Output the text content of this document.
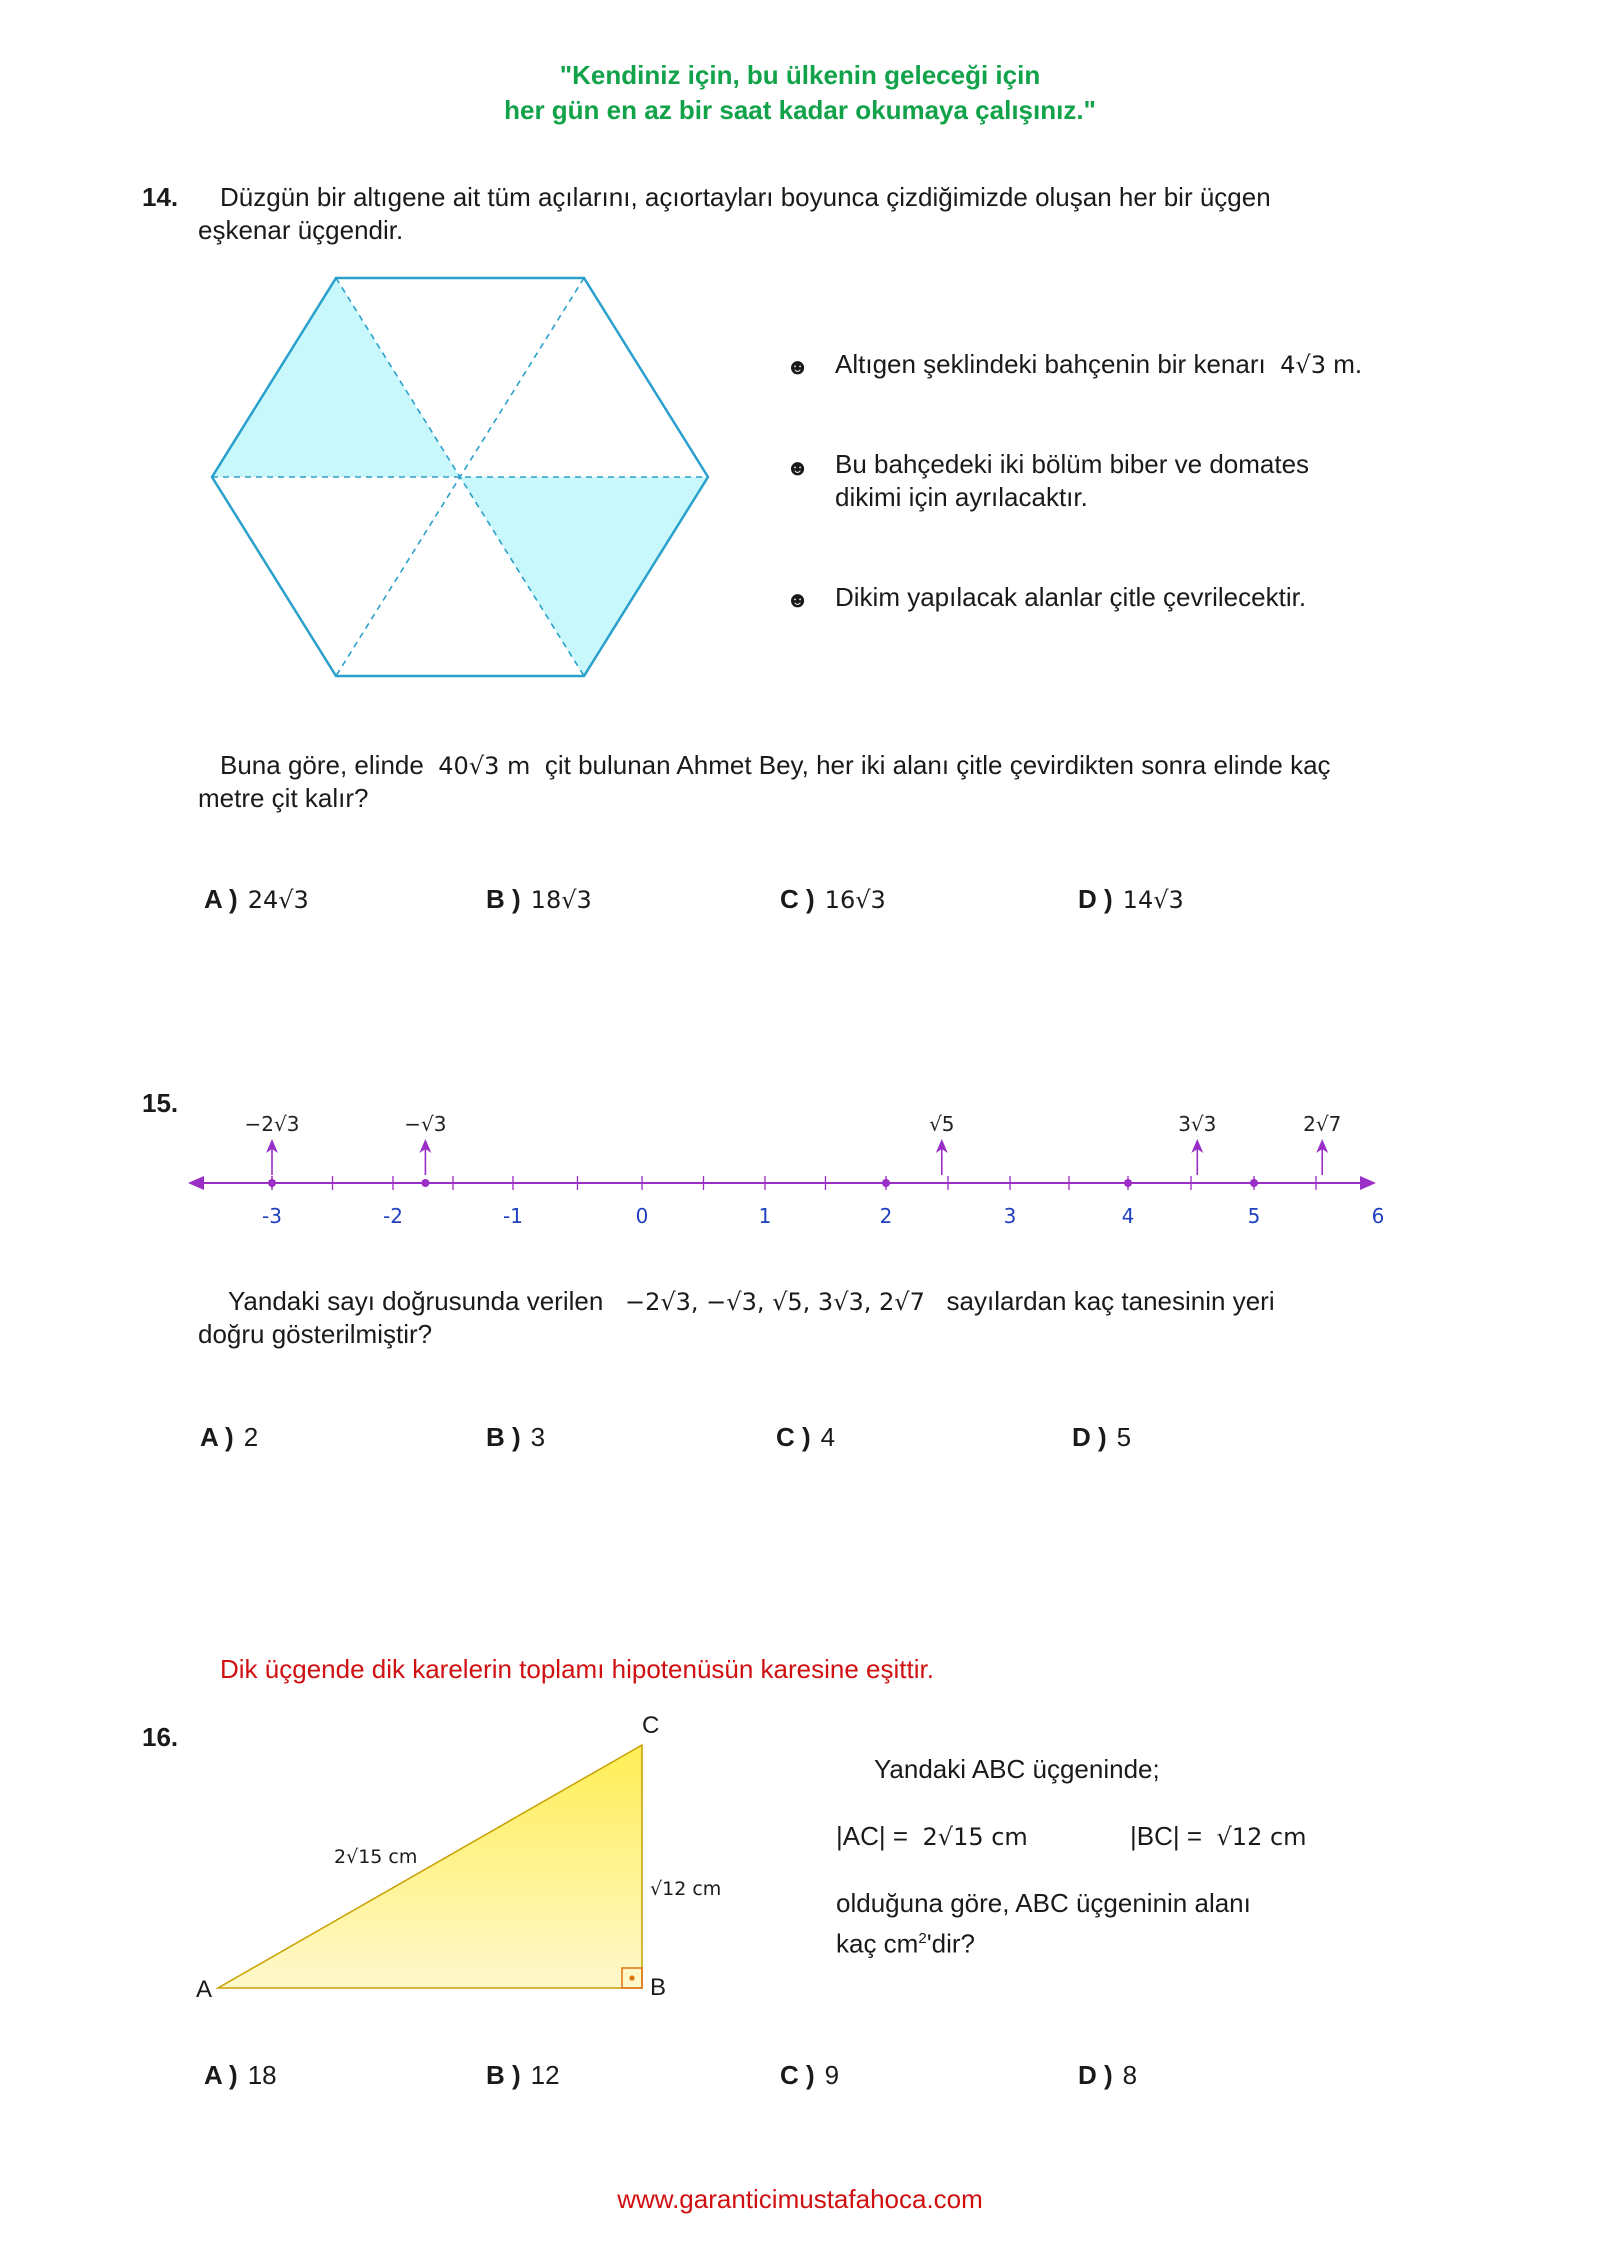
"Kendiniz için, bu ülkenin geleceği için
her gün en az bir saat kadar okumaya çalışınız."
14. Düzgün bir altıgene ait tüm açılarını, açıortayları boyunca çizdiğimizde oluşan her bir üçgen
eşkenar üçgendir.
☻ Altıgen şeklindeki bahçenin bir kenarı 4√3 m.
☻ Bu bahçedeki iki bölüm biber ve domates
dikimi için ayrılacaktır.
☻ Dikim yapılacak alanlar çitle çevrilecektir.
Buna göre, elinde 40√3 m çit bulunan Ahmet Bey, her iki alanı çitle çevirdikten sonra elinde kaç
metre çit kalır?
A ) 24√3	B ) 18√3	C ) 16√3	D ) 14√3
15.
-3	-2	-1	0	1	2	3	4	5	6
−2√3	−√3	√5	3√3	2√7
Yandaki sayı doğrusunda verilen −2√3, −√3, √5, 3√3, 2√7 sayılardan kaç tanesinin yeri
doğru gösterilmiştir?
A ) 2	B ) 3	C ) 4	D ) 5
Dik üçgende dik karelerin toplamı hipotenüsün karesine eşittir.
16.
A	B
C
2√15 cm
√12 cm
Yandaki ABC üçgeninde;
|AC| = 2√15 cm	|BC| = √12 cm
olduğuna göre, ABC üçgeninin alanı
kaç $cm^2'dir$?
A ) 18	B ) 12	C ) 9	D ) 8
www.garanticimustafahoca.com
